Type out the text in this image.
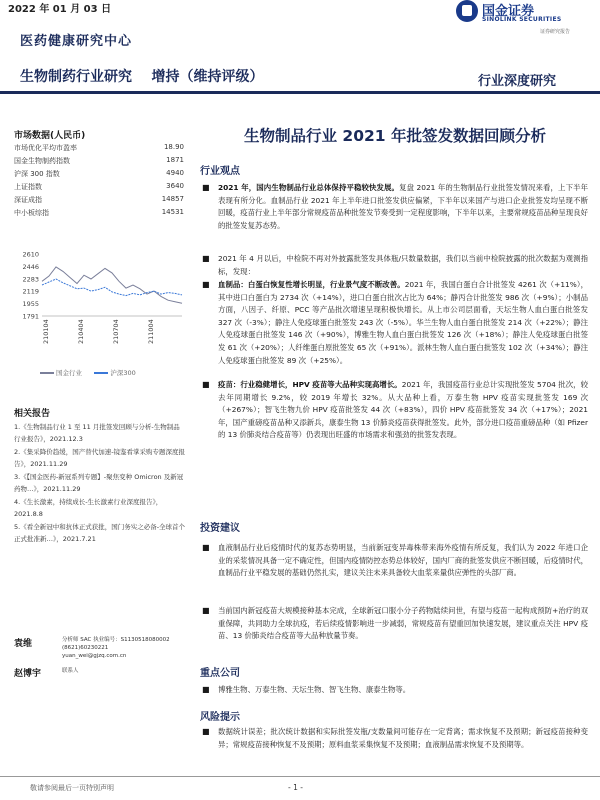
2022 年 01 月 03 日	国金证券
SINOLINK SECURITIES
证券研究报告
医药健康研究中心
生物制药行业研究    增持（维持评级）	行业深度研究
市场数据(人民币)
市场优化平均市盈率	18.90
国金生物制药指数	1871
沪深 300 指数	4940
上证指数	3640
深证成指	14857
中小板综指	14531
2610
2446
2283
2119
1955
1791
210104	210404	210704	211004
国金行业	沪深300
相关报告
1.《生物制品行业 1 至 11 月批签发回顾与分析-生物制品行业报告》，2021.12.3
2.《集采降价趋缓，国产替代加速-镜鉴看掌采购专题深度报告》，2021.11.29
3.《【国金医药-新冠系列专题】-聚焦变种 Omicron 及新冠药物…》，2021.11.29
4.《生长激素，持续成长-生长激素行业深度报告》，2021.8.8
5.《看全新冠中和抗体正式获批，国门务实之必备-全球首个正式批准新…》，2021.7.21
袁维	分析师 SAC 执业编号：S1130518080002
(8621)60230221
yuan_wei@gjzq.com.cn
赵博宇	联系人
生物制品行业 2021 年批签发数据回顾分析
行业观点
■ 2021 年，国内生物制品行业总体保持平稳较快发展。复盘 2021 年的生物制品行业批签发情况来看，上下半年表现有所分化。血制品行业 2021 年上半年进口批签发供应偏紧，下半年以来国产与进口企业批签发均呈现不断回暖，疫苗行业上半年部分常规疫苗品种批签发节奏受到一定程度影响，下半年以来，主要常规疫苗品种呈现良好的批签发复苏态势。
■ 2021 年 4 月以后，中检院不再对外披露批签发具体瓶/只数量数据，我们以当前中检院披露的批次数据为观测指标，发现：
■ 血制品：白蛋白恢复性增长明显，行业景气度不断改善。2021 年，我国白蛋白合计批签发 4261 次（+11%），其中进口白蛋白为 2734 次（+14%），进口白蛋白批次占比为 64%；静丙合计批签发 986 次（+9%）；小制品方面，八因子、纤原、PCC 等产品批次增速呈现积极快增长。从上市公司层面看，天坛生物人血白蛋白批签发 327 次（-3%）；静注人免疫球蛋白批签发 243 次（-5%）。华兰生物人血白蛋白批签发 214 次（+22%）；静注人免疫球蛋白批签发 146 次（+90%），博雅生物人血白蛋白批签发 126 次（+18%）；静注人免疫球蛋白批签发 61 次（+20%）；人纤维蛋白原批签发 65 次（+91%）。派林生物人血白蛋白批签发 102 次（+34%）；静注人免疫球蛋白批签发 89 次（+25%）。
■ 疫苗：行业稳健增长，HPV 疫苗等大品种实现高增长。2021 年，我国疫苗行业总计实现批签发 5704 批次，较去年同期增长 9.2%，较 2019 年增长 32%。从大品种上看，万泰生物 HPV 疫苗实现批签发 169 次（+267%）；智飞生物九价 HPV 疫苗批签发 44 次（+83%），四价 HPV 疫苗批签发 34 次（+17%）；2021 年，国产重磅疫苗品种又添新兵，康泰生物 13 价肺炎疫苗获得批签发。此外，部分进口疫苗重磅品种（如 Pfizer 的 13 价肺炎结合疫苗等）仍表现出旺盛的市场需求和强劲的批签发表现。
投资建议
■ 血液制品行业后疫情时代的复苏态势明显，当前新冠变异毒株带来海外疫情有所反复，我们认为 2022 年进口企业的采浆情况具备一定不确定性，但国内疫情防控态势总体较好，国内厂商的批签发供应不断回暖，后疫情时代，血制品行业平稳发展的基础仍然扎实，建议关注未来具备较大血浆来量供应弹性的头部厂商。
■ 当前国内新冠疫苗大规模接种基本完成，全球新冠口服小分子药物陆续问世，有望与疫苗一起构成预防+治疗的双重保障，共同助力全球抗疫，若后续疫情影响进一步减弱，常规疫苗有望重回加快速发展，建议重点关注 HPV 疫苗、13 价肺炎结合疫苗等大品种放量节奏。
重点公司
■ 博雅生物、万泰生物、天坛生物、智飞生物、康泰生物等。
风险提示
■ 数据统计误差；批次统计数据和实际批签发瓶/支数量间可能存在一定背离；需求恢复不及预期；新冠疫苗接种变异；常规疫苗接种恢复不及预期；原料血浆采集恢复不及预期；血液制品需求恢复不及预期等。
敬请参阅最后一页特别声明	- 1 -
